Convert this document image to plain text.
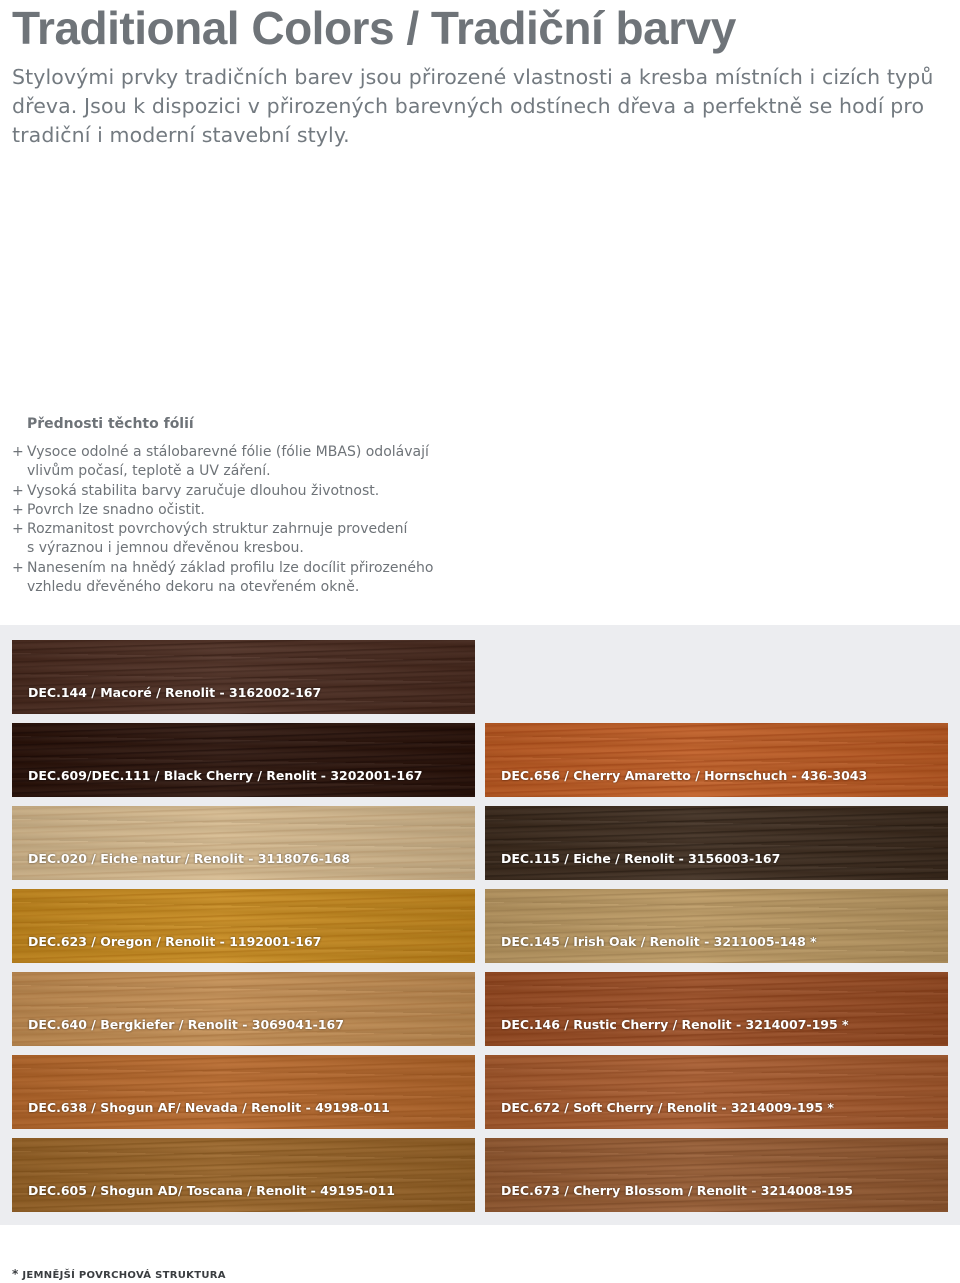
Traditional Colors / Tradiční barvy

Stylovými prvky tradičních barev jsou přirozené vlastnosti a kresba místních i cizích typů dřeva. Jsou k dispozici v přirozených barevných odstínech dřeva a perfektně se hodí pro tradiční i moderní stavební styly.

Přednosti těchto fólií
+ Vysoce odolné a stálobarevné fólie (fólie MBAS) odolávají
vlivům počasí, teplotě a UV záření.
+ Vysoká stabilita barvy zaručuje dlouhou životnost.
+ Povrch lze snadno očistit.
+ Rozmanitost povrchových struktur zahrnuje provedení
s výraznou i jemnou dřevěnou kresbou.
+ Nanesením na hnědý základ profilu lze docílit přirozeného
vzhledu dřevěného dekoru na otevřeném okně.
DEC.144 / Macoré / Renolit - 3162002-167
DEC.609/DEC.111 / Black Cherry / Renolit - 3202001-167	DEC.656 / Cherry Amaretto / Hornschuch - 436-3043
DEC.020 / Eiche natur / Renolit - 3118076-168	DEC.115 / Eiche / Renolit - 3156003-167
DEC.623 / Oregon / Renolit - 1192001-167	DEC.145 / Irish Oak / Renolit - 3211005-148 *
DEC.640 / Bergkiefer / Renolit - 3069041-167	DEC.146 / Rustic Cherry / Renolit - 3214007-195 *
DEC.638 / Shogun AF/ Nevada / Renolit - 49198-011	DEC.672 / Soft Cherry / Renolit - 3214009-195 *
DEC.605 / Shogun AD/ Toscana / Renolit - 49195-011	DEC.673 / Cherry Blossom / Renolit - 3214008-195

* JEMNĚJŠÍ POVRCHOVÁ STRUKTURA
